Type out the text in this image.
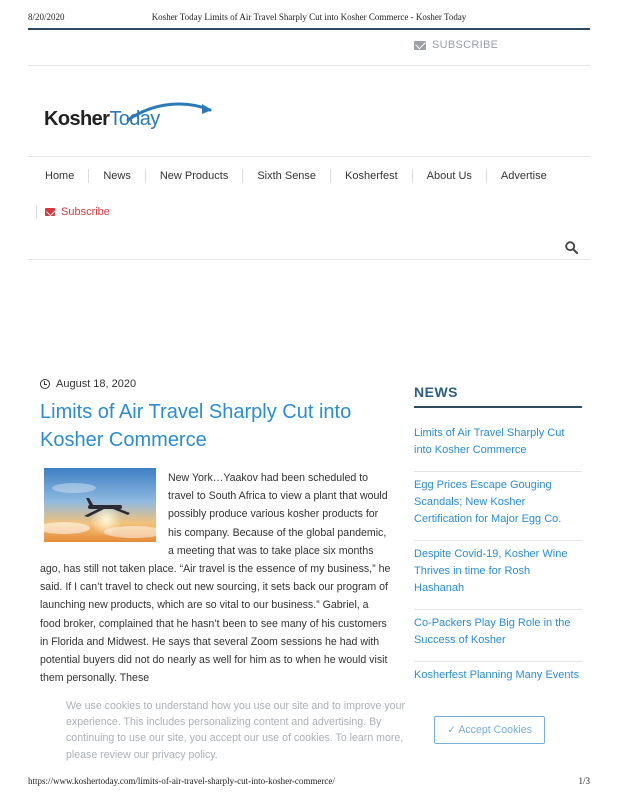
8/20/2020	Kosher Today Limits of Air Travel Sharply Cut into Kosher Commerce - Kosher Today
SUBSCRIBE
KosherToday
Home	News	New Products	Sixth Sense	Kosherfest	About Us	Advertise
Subscribe
August 18, 2020
Limits of Air Travel Sharply Cut into Kosher Commerce
New York…Yaakov had been scheduled to travel to South Africa to view a plant that would possibly produce various kosher products for his company. Because of the global pandemic, a meeting that was to take place six months ago, has still not taken place. “Air travel is the essence of my business,” he said. If I can’t travel to check out new sourcing, it sets back our program of launching new products, which are so vital to our business.” Gabriel, a food broker, complained that he hasn’t been to see many of his customers in Florida and Midwest. He says that several Zoom sessions he had with potential buyers did not do nearly as well for him as to when he would visit them personally. These
NEWS
Limits of Air Travel Sharply Cut into Kosher Commerce
Egg Prices Escape Gouging Scandals; New Kosher Certification for Major Egg Co.
Despite Covid-19, Kosher Wine Thrives in time for Rosh Hashanah
Co-Packers Play Big Role in the Success of Kosher
Kosherfest Planning Many Events
We use cookies to understand how you use our site and to improve your experience. This includes personalizing content and advertising. By continuing to use our site, you accept our use of cookies. To learn more, please review our privacy policy.
✓ Accept Cookies
https://www.koshertoday.com/limits-of-air-travel-sharply-cut-into-kosher-commerce/	1/3
